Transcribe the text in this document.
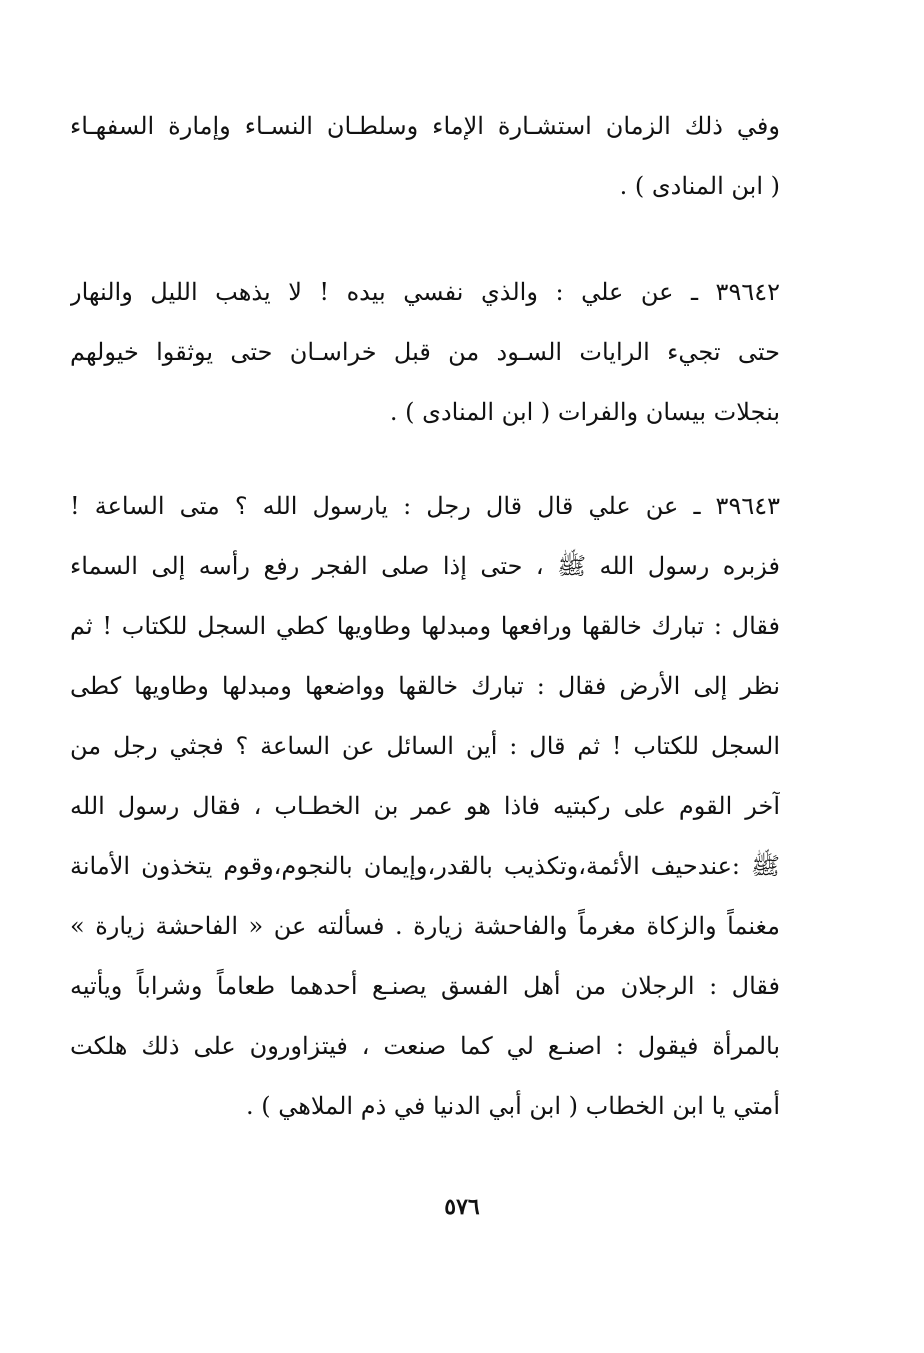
وفي ذلك الزمان استشـارة الإماء وسلطـان النسـاء وإمارة السفهـاء
( ابن المنادى ) .
٣٩٦٤٢ ـ عن علي : والذي نفسي بيده ! لا يذهب الليل والنهار
حتى تجيء الرايات السـود من قبل خراسـان حتى يوثقوا خيولهم
بنجلات بيسان والفرات ( ابن المنادى ) .
٣٩٦٤٣ ـ عن علي قال قال رجل : يارسول الله ؟ متى الساعة !
فزبره رسول الله ﷺ ، حتى إذا صلى الفجر رفع رأسه إلى السماء
فقال : تبارك خالقها ورافعها ومبدلها وطاويها كطي السجل للكتاب ! ثم
نظر إلى الأرض فقال : تبارك خالقها وواضعها ومبدلها وطاويها كطى
السجل للكتاب ! ثم قال : أين السائل عن الساعة ؟ فجثي رجل من
آخر القوم على ركبتيه فاذا هو عمر بن الخطـاب ، فقال رسول الله
ﷺ :عندحيف الأئمة،وتكذيب بالقدر،وإيمان بالنجوم،وقوم يتخذون الأمانة
مغنماً والزكاة مغرماً والفاحشة زيارة . فسألته عن « الفاحشة زيارة »
فقال : الرجلان من أهل الفسق يصنـع أحدهما طعاماً وشراباً ويأتيه
بالمرأة فيقول : اصنـع لي كما صنعت ، فيتزاورون على ذلك هلكت
أمتي يا ابن الخطاب ( ابن أبي الدنيا في ذم الملاهي ) .
٥٧٦
